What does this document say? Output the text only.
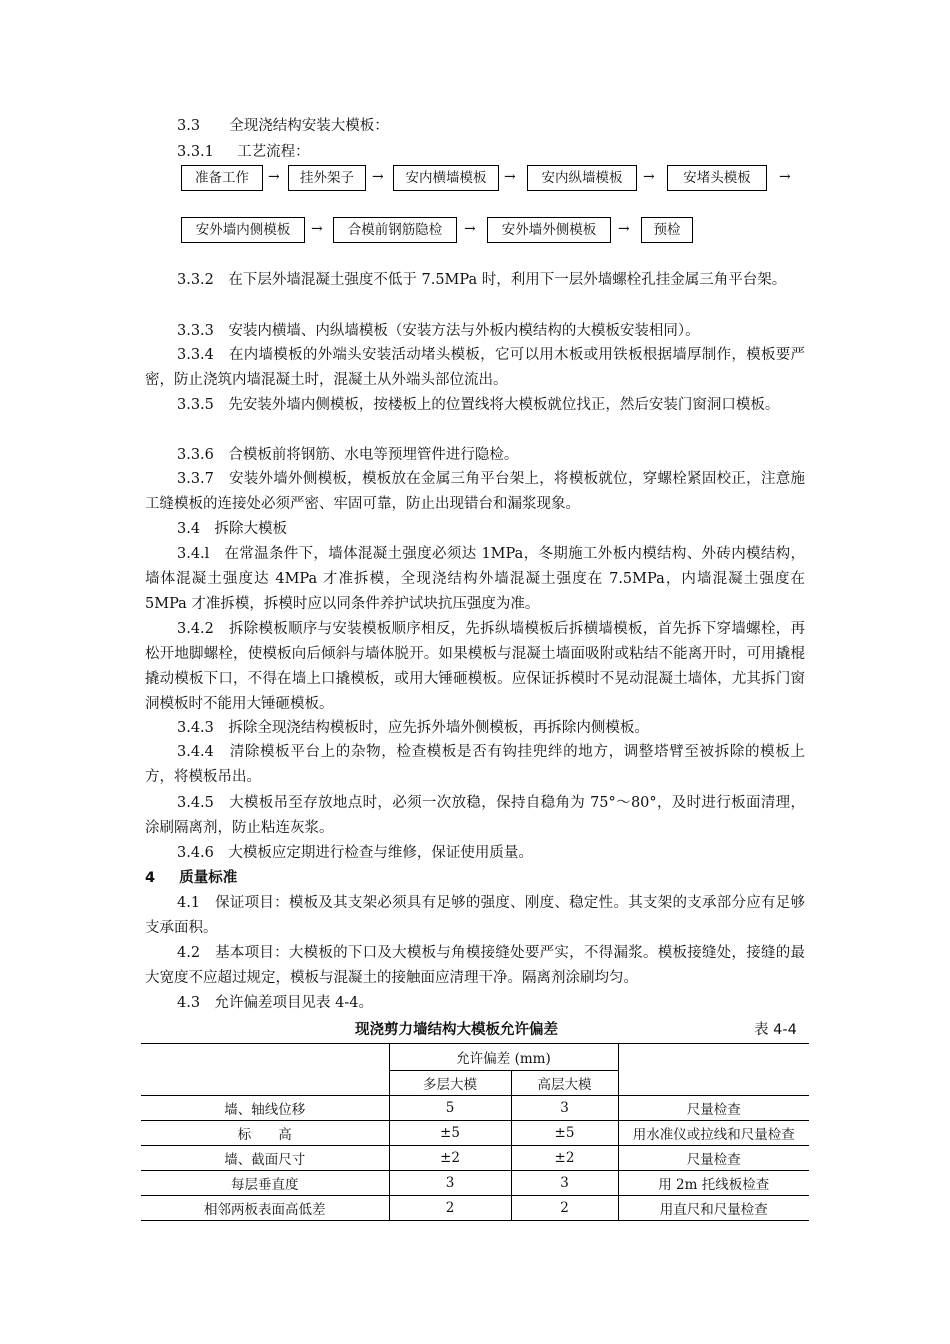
3.3 全现浇结构安装大模板：
3.3.1 工艺流程：
准备工作	→	挂外架子	→	安内横墙模板	→	安内纵墙模板	→	安堵头模板	→
安外墙内侧模板	→	合模前钢筋隐检	→	安外墙外侧模板	→	预检
3.3.2　在下层外墙混凝土强度不低于 7.5MPa 时，利用下一层外墙螺栓孔挂金属三角平台架。
3.3.3　安装内横墙、内纵墙模板（安装方法与外板内模结构的大模板安装相同）。
3.3.4　在内墙模板的外端头安装活动堵头模板，它可以用木板或用铁板根据墙厚制作，模板要严密，防止浇筑内墙混凝土时，混凝土从外端头部位流出。
3.3.5　先安装外墙内侧模板，按楼板上的位置线将大模板就位找正，然后安装门窗洞口模板。
3.3.6　合模板前将钢筋、水电等预埋管件进行隐检。
3.3.7　安装外墙外侧模板，模板放在金属三角平台架上，将模板就位，穿螺栓紧固校正，注意施工缝模板的连接处必须严密、牢固可靠，防止出现错台和漏浆现象。
3.4　拆除大模板
3.4.l　在常温条件下，墙体混凝土强度必须达 1MPa，冬期施工外板内模结构、外砖内模结构，墙体混凝土强度达 4MPa 才准拆模，全现浇结构外墙混凝土强度在 7.5MPa，内墙混凝土强度在 5MPa 才准拆模，拆模时应以同条件养护试块抗压强度为准。
3.4.2　拆除模板顺序与安装模板顺序相反，先拆纵墙模板后拆横墙模板，首先拆下穿墙螺栓，再松开地脚螺栓，使模板向后倾斜与墙体脱开。如果模板与混凝土墙面吸附或粘结不能离开时，可用撬棍撬动模板下口，不得在墙上口撬模板，或用大锤砸模板。应保证拆模时不晃动混凝土墙体，尤其拆门窗洞模板时不能用大锤砸模板。
3.4.3　拆除全现浇结构模板时，应先拆外墙外侧模板，再拆除内侧模板。
3.4.4　清除模板平台上的杂物，检查模板是否有钩挂兜绊的地方，调整塔臂至被拆除的模板上方，将模板吊出。
3.4.5　大模板吊至存放地点时，必须一次放稳，保持自稳角为 75°～80°，及时进行板面清理，涂刷隔离剂，防止粘连灰浆。
3.4.6　大模板应定期进行检查与维修，保证使用质量。
4 质量标准
4.1　保证项目：模板及其支架必须具有足够的强度、刚度、稳定性。其支架的支承部分应有足够支承面积。
4.2　基本项目：大模板的下口及大模板与角模接缝处要严实，不得漏浆。模板接缝处，接缝的最大宽度不应超过规定，模板与混凝土的接触面应清理干净。隔离剂涂刷均匀。
4.3　允许偏差项目见表 4-4。
现浇剪力墙结构大模板允许偏差	表 4-4
	允许偏差 (mm)		
	多层大模	高层大模	
墙、轴线位移	5	3	尺量检查
标　　高	±5	±5	用水准仪或拉线和尺量检查
墙、截面尺寸	±2	±2	尺量检查
每层垂直度	3	3	用 2m 托线板检查
相邻两板表面高低差	2	2	用直尺和尺量检查
